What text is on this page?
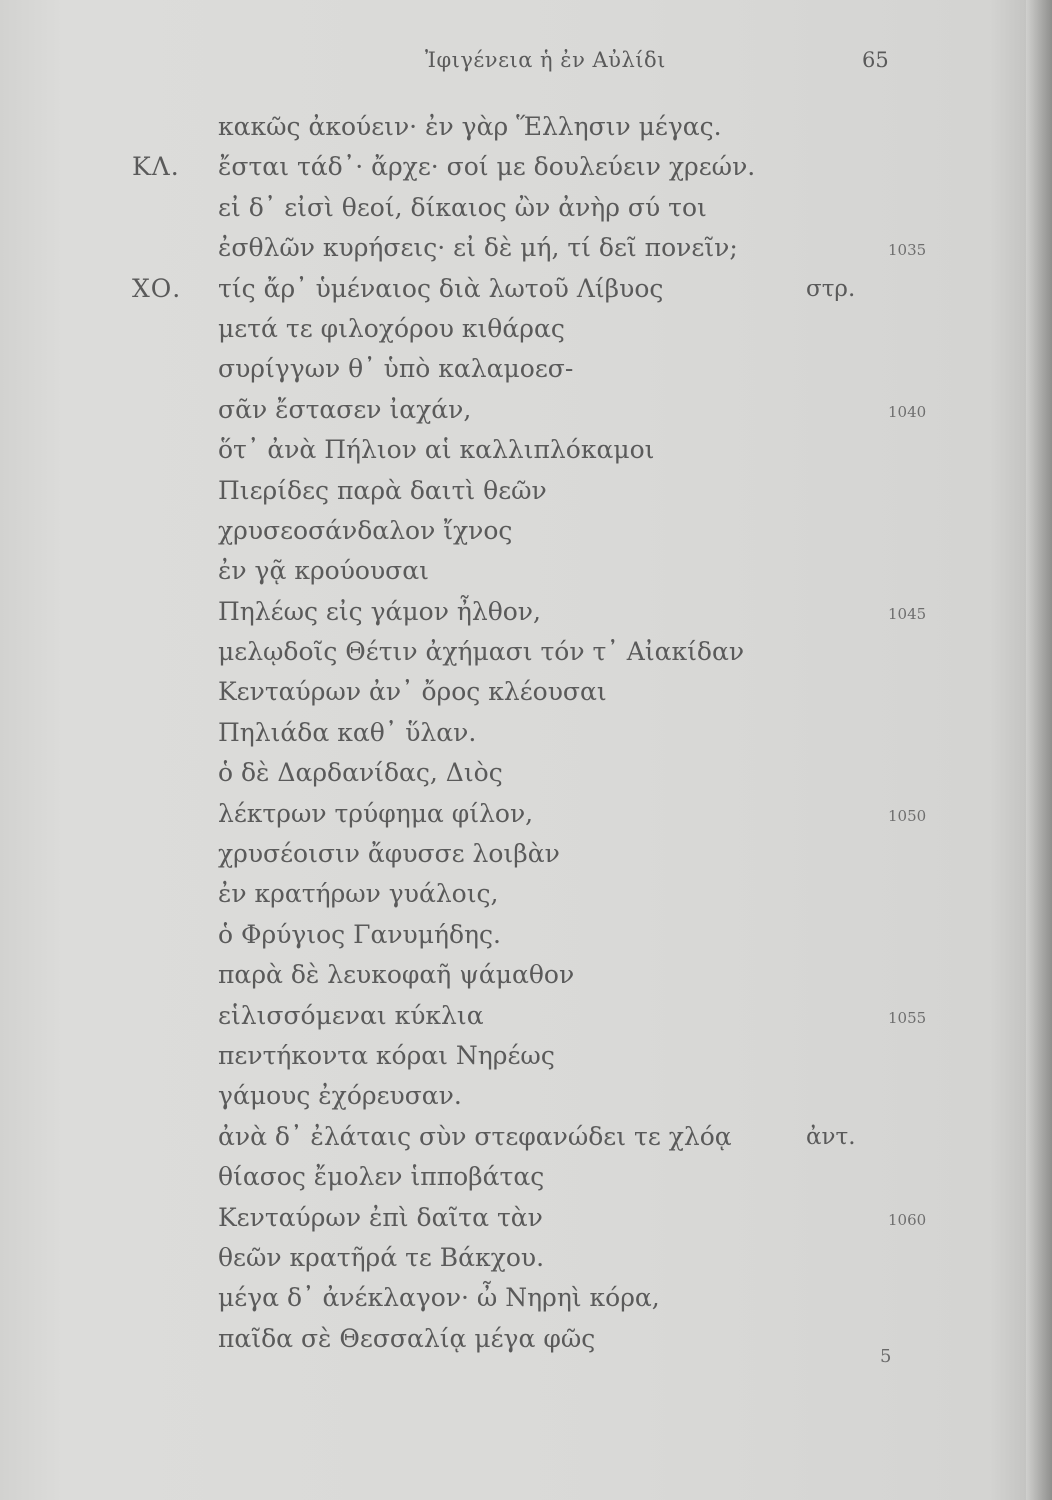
Ἰφιγένεια ἡ ἐν Αὐλίδι	65
κακῶς ἀκούειν· ἐν γὰρ Ἕλλησιν μέγας.
ΚΛ. ἔσται τάδ᾽· ἄρχε· σοί με δουλεύειν χρεών.
εἰ δ᾽ εἰσὶ θεοί, δίκαιος ὢν ἀνὴρ σύ τοι
ἐσθλῶν κυρήσεις· εἰ δὲ μή, τί δεῖ πονεῖν;	1035
ΧΟ. τίς ἄρ᾽ ὑμέναιος διὰ λωτοῦ Λίβυος	στρ.
μετά τε φιλοχόρου κιθάρας
συρίγγων θ᾽ ὑπὸ καλαμοεσ-
σᾶν ἔστασεν ἰαχάν,	1040
ὅτ᾽ ἀνὰ Πήλιον αἱ καλλιπλόκαμοι
Πιερίδες παρὰ δαιτὶ θεῶν
χρυσεοσάνδαλον ἴχνος
ἐν γᾷ κρούουσαι
Πηλέως εἰς γάμον ἦλθον,	1045
μελῳδοῖς Θέτιν ἀχήμασι τόν τ᾽ Αἰακίδαν
Κενταύρων ἀν᾽ ὄρος κλέουσαι
Πηλιάδα καθ᾽ ὕλαν.
ὁ δὲ Δαρδανίδας, Διὸς
λέκτρων τρύφημα φίλον,	1050
χρυσέοισιν ἄφυσσε λοιβὰν
ἐν κρατήρων γυάλοις,
ὁ Φρύγιος Γανυμήδης.
παρὰ δὲ λευκοφαῆ ψάμαθον
εἱλισσόμεναι κύκλια	1055
πεντήκοντα κόραι Νηρέως
γάμους ἐχόρευσαν.
ἀνὰ δ᾽ ἐλάταις σὺν στεφανώδει τε χλόᾳ	ἀντ.
θίασος ἔμολεν ἱπποβάτας
Κενταύρων ἐπὶ δαῖτα τὰν	1060
θεῶν κρατῆρά τε Βάκχου.
μέγα δ᾽ ἀνέκλαγον· ὦ Νηρηὶ κόρα,
παῖδα σὲ Θεσσαλίᾳ μέγα φῶς
5
